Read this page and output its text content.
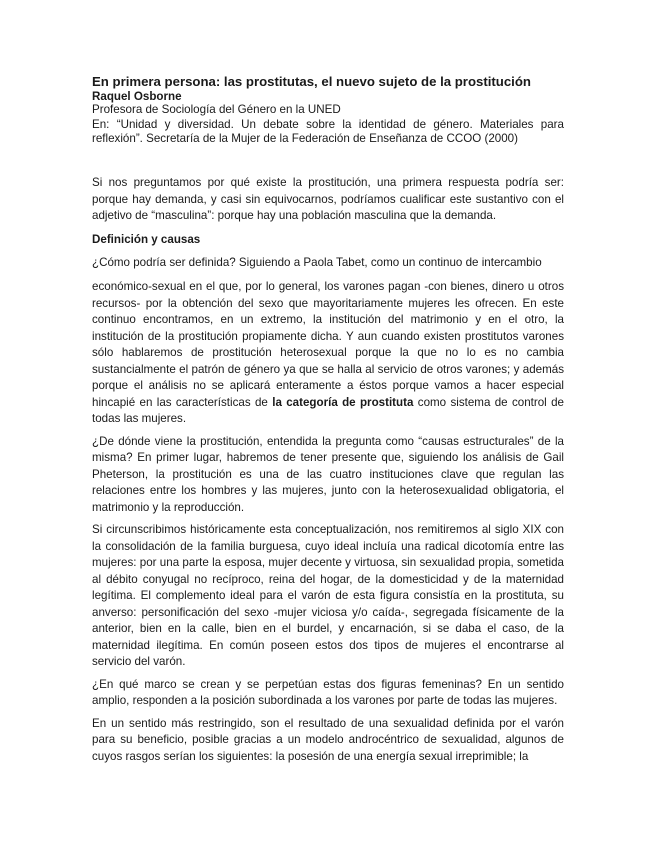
En primera persona: las prostitutas, el nuevo sujeto de la prostitución

Raquel Osborne

Profesora de Sociología del Género en la UNED

En: “Unidad y diversidad. Un debate sobre la identidad de género. Materiales para reflexión”. Secretaría de la Mujer de la Federación de Enseñanza de CCOO (2000)

Si nos preguntamos por qué existe la prostitución, una primera respuesta podría ser: porque hay demanda, y casi sin equivocarnos, podríamos cualificar este sustantivo con el adjetivo de “masculina”: porque hay una población masculina que la demanda.

Definición y causas

¿Cómo podría ser definida? Siguiendo a Paola Tabet, como un continuo de intercambio

económico-sexual en el que, por lo general, los varones pagan -con bienes, dinero u otros recursos- por la obtención del sexo que mayoritariamente mujeres les ofrecen. En este continuo encontramos, en un extremo, la institución del matrimonio y en el otro, la institución de la prostitución propiamente dicha. Y aun cuando existen prostitutos varones sólo hablaremos de prostitución heterosexual porque la que no lo es no cambia sustancialmente el patrón de género ya que se halla al servicio de otros varones; y además porque el análisis no se aplicará enteramente a éstos porque vamos a hacer especial hincapié en las características de la categoría de prostituta como sistema de control de todas las mujeres.

¿De dónde viene la prostitución, entendida la pregunta como “causas estructurales” de la misma? En primer lugar, habremos de tener presente que, siguiendo los análisis de Gail Pheterson, la prostitución es una de las cuatro instituciones clave que regulan las relaciones entre los hombres y las mujeres, junto con la heterosexualidad obligatoria, el matrimonio y la reproducción.

Si circunscribimos históricamente esta conceptualización, nos remitiremos al siglo XIX con la consolidación de la familia burguesa, cuyo ideal incluía una radical dicotomía entre las mujeres: por una parte la esposa, mujer decente y virtuosa, sin sexualidad propia, sometida al débito conyugal no recíproco, reina del hogar, de la domesticidad y de la maternidad legítima. El complemento ideal para el varón de esta figura consistía en la prostituta, su anverso: personificación del sexo -mujer viciosa y/o caída-, segregada físicamente de la anterior, bien en la calle, bien en el burdel, y encarnación, si se daba el caso, de la maternidad ilegítima. En común poseen estos dos tipos de mujeres el encontrarse al servicio del varón.

¿En qué marco se crean y se perpetúan estas dos figuras femeninas? En un sentido amplio, responden a la posición subordinada a los varones por parte de todas las mujeres.

En un sentido más restringido, son el resultado de una sexualidad definida por el varón para su beneficio, posible gracias a un modelo androcéntrico de sexualidad, algunos de cuyos rasgos serían los siguientes: la posesión de una energía sexual irreprimible; la
